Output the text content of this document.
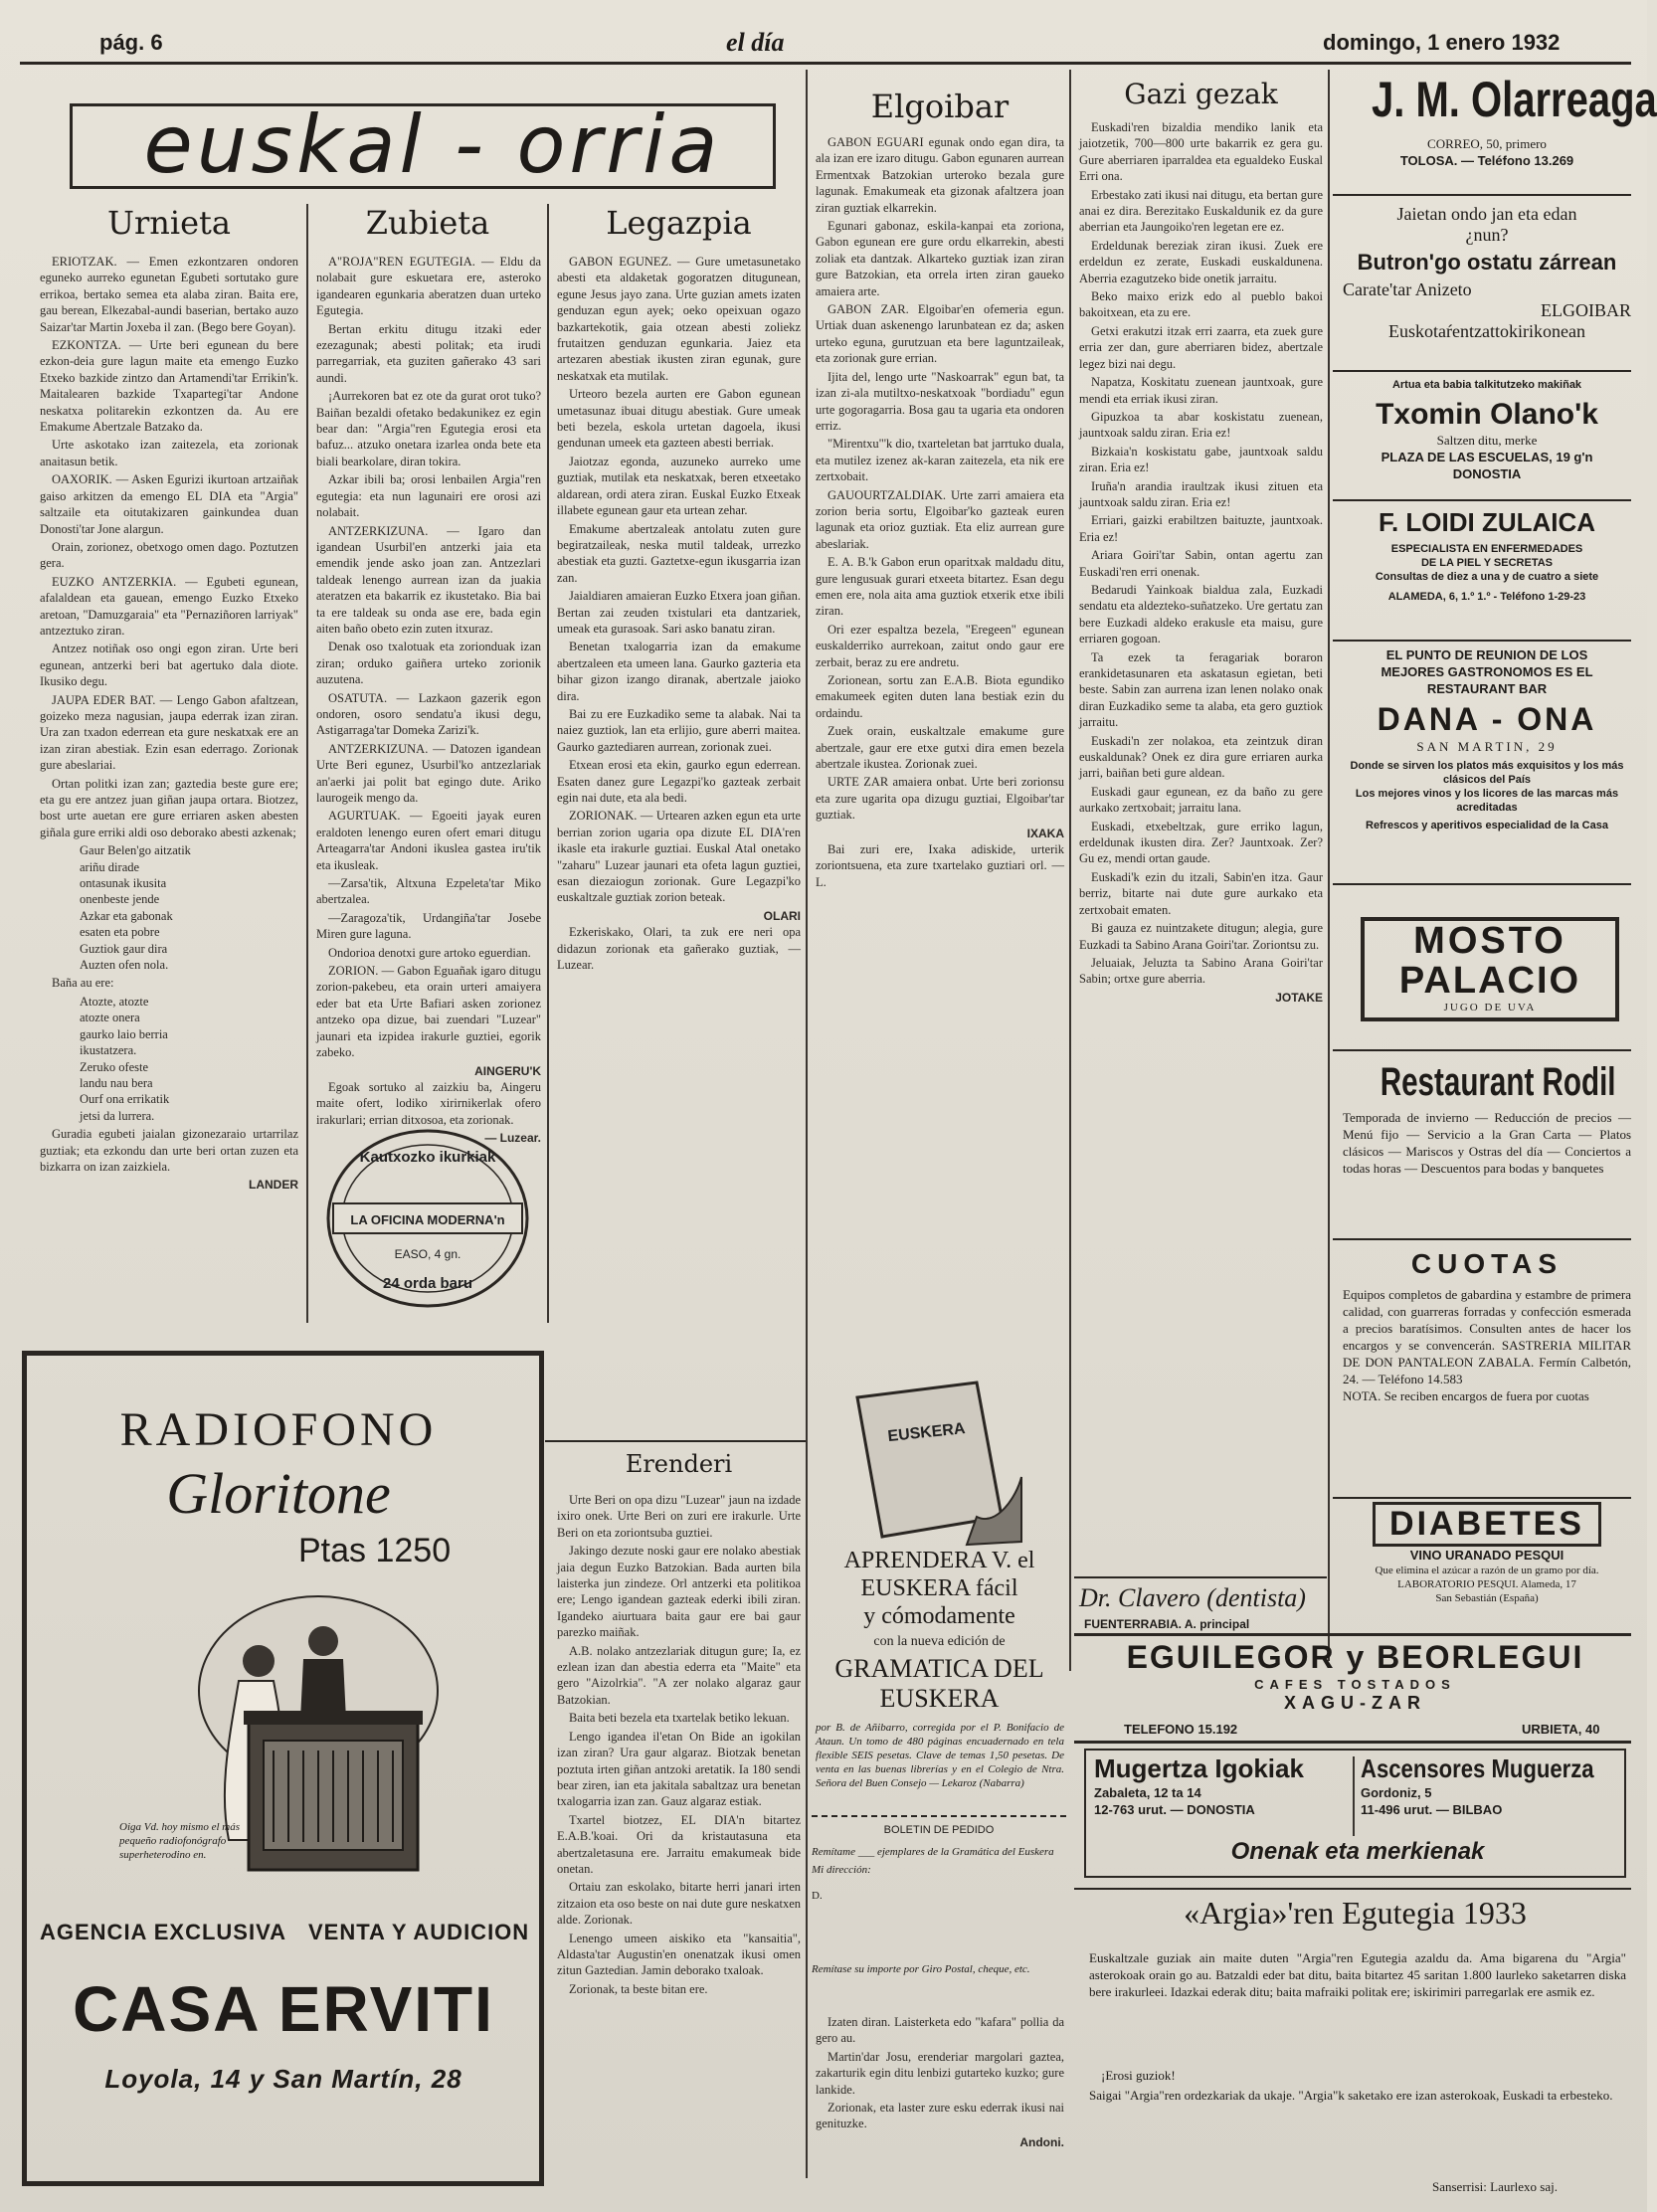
pág. 6	el día	domingo, 1 enero 1932
euskal - orria
Urnieta

ERIOTZAK. — Emen ezkontzaren ondoren eguneko aurreko egunetan Egubeti sortutako gure errikoa, bertako semea eta alaba ziran. Baita ere, gau berean, Elkezabal-aundi baserian, bertako auzo Saizar'tar Martin Joxeba il zan. (Bego bere Goyan).

EZKONTZA. — Urte beri egunean du bere ezkon-deia gure lagun maite eta emengo Euzko Etxeko bazkide zintzo dan Artamendi'tar Errikin'k. Maitalearen bazkide Txapartegi'tar Andone neskatxa politarekin ezkontzen da. Au ere Emakume Abertzale Batzako da.

Urte askotako izan zaitezela, eta zorionak anaitasun betik.

OAXORIK. — Asken Egurizi ikurtoan artzaiñak gaiso arkitzen da emengo EL DIA eta "Argia" saltzaile eta oitutakizaren gainkundea duan Donosti'tar Jone alargun.

Orain, zorionez, obetxogo omen dago. Poztutzen gera.

EUZKO ANTZERKIA. — Egubeti egunean, afalaldean eta gauean, emengo Euzko Etxeko aretoan, "Damuzgaraia" eta "Pernaziñoren larriyak" antzeztuko ziran.

Antzez notiñak oso ongi egon ziran. Urte beri egunean, antzerki beri bat agertuko dala diote. Ikusiko degu.

JAUPA EDER BAT. — Lengo Gabon afaltzean, goizeko meza nagusian, jaupa ederrak izan ziran. Ura zan txadon ederrean eta gure neskatxak ere an izan ziran abestiak. Ezin esan ederrago. Zorionak gure abeslariai.

Ortan politki izan zan; gaztedia beste gure ere; eta gu ere antzez juan giñan jaupa ortara. Biotzez, bost urte auetan ere gure erriaren asken abesten giñala gure erriki aldi oso deborako abesti azkenak;

Gaur Belen'go aitzatik
ariñu dirade
ontasunak ikusita
onenbeste jende
Azkar eta gabonak
esaten eta pobre
Guztiok gaur dira
Auzten ofen nola.

Baña au ere:

Atozte, atozte
atozte onera
gaurko laio berria
ikustatzera.
Zeruko ofeste
landu nau bera
Ourf ona errikatik
jetsi da lurrera.

Guradia egubeti jaialan gizonezaraio urtarrilaz guztiak; eta ezkondu dan urte beri ortan zuzen eta bizkarra on izan zaizkiela.

LANDER
Zubieta

A"ROJA"REN EGUTEGIA. — Eldu da nolabait gure eskuetara ere, asteroko igandearen egunkaria aberatzen duan urteko Egutegia.

Bertan erkitu ditugu itzaki eder ezezagunak; abesti politak; eta irudi parregarriak, eta guziten gañerako 43 sari aundi.

¡Aurrekoren bat ez ote da gurat orot tuko? Baiñan bezaldi ofetako bedakunikez ez egin bear dan: "Argia"ren Egutegia erosi eta bafuz... atzuko onetara izarlea onda bete eta biali bearkolare, diran tokira.

Azkar ibili ba; orosi lenbailen Argia"ren egutegia: eta nun lagunairi ere orosi azi nolabait.

ANTZERKIZUNA. — Igaro dan igandean Usurbil'en antzerki jaia eta emendik jende asko joan zan. Antzezlari taldeak lenengo aurrean izan da juakia ateratzen eta bakarrik ez ikustetako. Bia bai ta ere taldeak su onda ase ere, bada egin aiten baño obeto ezin zuten itxuraz.

Denak oso txalotuak eta zorionduak izan ziran; orduko gaiñera urteko zorionik auzutena.

OSATUTA. — Lazkaon gazerik egon ondoren, osoro sendatu'a ikusi degu, Astigarraga'tar Domeka Zarizi'k.

ANTZERKIZUNA. — Datozen igandean Urte Beri egunez, Usurbil'ko antzezlariak an'aerki jai polit bat egingo dute. Ariko laurogeik mengo da.

AGURTUAK. — Egoeiti jayak euren eraldoten lenengo euren ofert emari ditugu Arteagarra'tar Andoni ikuslea gastea iru'tik eta ikusleak.

—Zarsa'tik, Altxuna Ezpeleta'tar Miko abertzalea.

—Zaragoza'tik, Urdangiña'tar Josebe Miren gure laguna.

Ondorioa denotxi gure artoko eguerdian.

ZORION. — Gabon Eguañak igaro ditugu zorion-pakebeu, eta orain urteri amaiyera eder bat eta Urte Bafiari asken zorionez antzeko opa dizue, bai zuendari "Luzear" jaunari eta izpidea irakurle guztiei, egorik zabeko.

AINGERU'K

Egoak sortuko al zaizkiu ba, Aingeru maite ofert, lodiko xirirnikerlak ofero irakurlari; errian ditxosoa, eta zorionak.

— Luzear.
Kautxozko ikurkiak
LA OFICINA MODERNA'n
EASO, 4 gn.
24 orda baru
Legazpia

GABON EGUNEZ. — Gure umetasunetako abesti eta aldaketak gogoratzen ditugunean, egune Jesus jayo zana. Urte guzian amets izaten genduzan egun ayek; oeko opeixuan ogazo bazkartekotik, gaia otzean abesti zoliekz frutaitzen genduzan egunkaria. Jaiez eta artezaren abestiak ikusten ziran egunak, gure neskatxak eta mutilak.

Urteoro bezela aurten ere Gabon egunean umetasunaz ibuai ditugu abestiak. Gure umeak beti bezela, eskola urtetan dagoela, ikusi gendunan umeek eta gazteen abesti berriak.

Jaiotzaz egonda, auzuneko aurreko ume guztiak, mutilak eta neskatxak, beren etxeetako aldarean, ordi atera ziran. Euskal Euzko Etxeak illabete egunean gaur eta urtean zehar.

Emakume abertzaleak antolatu zuten gure begiratzaileak, neska mutil taldeak, urrezko abestiak eta guzti. Gaztetxe-egun ikusgarria izan zan.

Jaialdiaren amaieran Euzko Etxera joan giñan. Bertan zai zeuden txistulari eta dantzariek, umeak eta gurasoak. Sari asko banatu ziran.

Benetan txalogarria izan da emakume abertzaleen eta umeen lana. Gaurko gazteria eta bihar gizon izango diranak, abertzale jaioko dira.

Bai zu ere Euzkadiko seme ta alabak. Nai ta naiez guztiok, lan eta erlijio, gure aberri maitea. Gaurko gaztediaren aurrean, zorionak zuei.

Etxean erosi eta ekin, gaurko egun ederrean. Esaten danez gure Legazpi'ko gazteak zerbait egin nai dute, eta ala bedi.

ZORIONAK. — Urtearen azken egun eta urte berrian zorion ugaria opa dizute EL DIA'ren ikasle eta irakurle guztiai. Euskal Atal onetako "zaharu" Luzear jaunari eta ofeta lagun guztiei, esan diezaiogun zorionak. Gure Legazpi'ko euskaltzale guztiak zorion beteak.

OLARI

Ezkeriskako, Olari, ta zuk ere neri opa didazun zorionak eta gañerako guztiak, — Luzear.

Erenderi

Urte Beri on opa dizu "Luzear" jaun na izdade ixiro onek. Urte Beri on zuri ere irakurle. Urte Beri on eta zoriontsuba guztiei.

Jakingo dezute noski gaur ere nolako abestiak jaia degun Euzko Batzokian. Bada aurten bila laisterka jun zindeze. Orl antzerki eta politikoa ere; Lengo igandean gazteak ederki ibili ziran. Igandeko aiurtuara baita gaur ere bai gaur parezko maiñak.

A.B. nolako antzezlariak ditugun gure; Ia, ez ezlean izan dan abestia ederra eta "Maite" eta gero "Aizolrkia". "A zer nolako algaraz gaur Batzokian.

Baita beti bezela eta txartelak betiko lekuan.

Lengo igandea il'etan On Bide an igokilan izan ziran? Ura gaur algaraz. Biotzak benetan poztuta irten giñan antzoki aretatik. Ia 180 sendi bear ziren, ian eta jakitala sabaltzaz ura benetan txalogarria izan zan. Gauz algaraz estiak.

Txartel biotzez, EL DIA'n bitartez E.A.B.'koai. Ori da kristautasuna eta abertzaletasuna ere. Jarraitu emakumeak bide onetan.

Ortaiu zan eskolako, bitarte herri janari irten zitzaion eta oso beste on nai dute gure neskatxen alde. Zorionak.

Lenengo umeen aiskiko eta "kansaitia", Aldasta'tar Augustin'en onenatzak ikusi omen zitun Gaztedian. Jamin deborako txaloak.

Zorionak, ta beste bitan ere.

Izaten diran. Laisterketa edo "kafara" pollia da gero au.

Martin'dar Josu, erenderiar margolari gaztea, zakarturik egin ditu lenbizi gutarteko kuzko; gure lankide.

Zorionak, eta laster zure esku ederrak ikusi nai genituzke.

Andoni.
Elgoibar

GABON EGUARI egunak ondo egan dira, ta ala izan ere izaro ditugu. Gabon egunaren aurrean Ermentxak Batzokian urteroko bezala gure lagunak. Emakumeak eta gizonak afaltzera joan ziran guztiak elkarrekin.

Egunari gabonaz, eskila-kanpai eta zoriona, Gabon egunean ere gure ordu elkarrekin, abesti zoliak eta dantzak. Alkarteko guztiak izan ziran gure Batzokian, eta orrela irten ziran gaueko amaiera arte.

GABON ZAR. Elgoibar'en ofemeria egun. Urtiak duan askenengo larunbatean ez da; asken urteko eguna, gurutzuan eta bere laguntzaileak, eta zorionak gure errian.

Ijita del, lengo urte "Naskoarrak" egun bat, ta izan zi-ala mutiltxo-neskatxoak "bordiadu" egun urte gogoragarria. Bosa gau ta ugaria eta ondoren erriz.

"Mirentxu"'k dio, txarteletan bat jarrtuko duala, eta mutilez izenez ak-karan zaitezela, eta nik ere zertxobait.

GAUOURTZALDIAK. Urte zarri amaiera eta zorion beria sortu, Elgoibar'ko gazteak euren lagunak eta orioz guztiak. Eta eliz aurrean gure abeslariak.

E. A. B.'k Gabon erun oparitxak maldadu ditu, gure lengusuak gurari etxeeta bitartez. Esan degu emen ere, nola aita ama guztiok etxerik etxe ibili ziran.

Ori ezer espaltza bezela, "Eregeen" egunean euskalderriko aurrekoan, zaitut ondo gaur ere zerbait, beraz zu ere andretu.

Zorionean, sortu zan E.A.B. Biota egundiko emakumeek egiten duten lana bestiak ezin du ordaindu.

Zuek orain, euskaltzale emakume gure abertzale, gaur ere etxe gutxi dira emen bezela abertzale ikustea. Zorionak zuei.

URTE ZAR amaiera onbat. Urte beri zorionsu eta zure ugarita opa dizugu guztiai, Elgoibar'tar guztiak.

IXAKA

Bai zuri ere, Ixaka adiskide, urterik zoriontsuena, eta zure txartelako guztiari orl. — L.

EUSKERA
APRENDERA V. el
EUSKERA fácil
y cómodamente
con la nueva edición de
GRAMATICA DEL
EUSKERA
por B. de Añibarro, corregida por el P. Bonifacio de Ataun. Un tomo de 480 páginas encuadernado en tela flexible SEIS pesetas. Clave de temas 1,50 pesetas. De venta en las buenas librerías y en el Colegio de Ntra. Señora del Buen Consejo — Lekaroz (Nabarra)
BOLETIN DE PEDIDO
Remítame ___ ejemplares de la Gramática del Euskera
Mi dirección:
D.
Remítase su importe por Giro Postal, cheque, etc.
Gazi gezak

Euskadi'ren bizaldia mendiko lanik eta jaiotzetik, 700—800 urte bakarrik ez gera gu. Gure aberriaren iparraldea eta egualdeko Euskal Erri ona.

Erbestako zati ikusi nai ditugu, eta bertan gure anai ez dira. Berezitako Euskaldunik ez da gure aberrian eta Jaungoiko'ren legetan ere ez.

Erdeldunak bereziak ziran ikusi. Zuek ere erdeldun ez zerate, Euskadi euskaldunena. Aberria ezagutzeko bide onetik jarraitu.

Beko maixo erizk edo al pueblo bakoi bakoitxean, eta zu ere.

Getxi erakutzi itzak erri zaarra, eta zuek gure erria zer dan, gure aberriaren bidez, abertzale legez bizi nai degu.

Napatza, Koskitatu zuenean jauntxoak, gure mendi eta erriak ikusi ziran.

Gipuzkoa ta abar koskistatu zuenean, jauntxoak saldu ziran. Eria ez!

Bizkaia'n koskistatu gabe, jauntxoak saldu ziran. Eria ez!

Iruña'n arandia iraultzak ikusi zituen eta jauntxoak saldu ziran. Eria ez!

Erriari, gaizki erabiltzen baituzte, jauntxoak. Eria ez!

Ariara Goiri'tar Sabin, ontan agertu zan Euskadi'ren erri onenak.

Bedarudi Yainkoak bialdua zala, Euzkadi sendatu eta aldezteko-suñatzeko. Ure gertatu zan bere Euzkadi aldeko erakusle eta maisu, gure erriaren gogoan.

Ta ezek ta feragariak boraron erankidetasunaren eta askatasun egietan, beti beste. Sabin zan aurrena izan lenen nolako onak diran Euzkadiko seme ta alaba, eta gero guztiok jarraitu.

Euskadi'n zer nolakoa, eta zeintzuk diran euskaldunak? Onek ez dira gure erriaren aurka jarri, baiñan beti gure aldean.

Euskadi gaur egunean, ez da baño zu gere aurkako zertxobait; jarraitu lana.

Euskadi, etxebeltzak, gure erriko lagun, erdeldunak ikusten dira. Zer? Jauntxoak. Zer? Gu ez, mendi ortan gaude.

Euskadi'k ezin du itzali, Sabin'en itza. Gaur berriz, bitarte nai dute gure aurkako eta zertxobait ematen.

Bi gauza ez nuintzakete ditugun; alegia, gure Euzkadi ta Sabino Arana Goiri'tar. Zoriontsu zu.

Jeluaiak, Jeluzta ta Sabino Arana Goiri'tar Sabin; ortxe gure aberria.

JOTAKE
Dr. Clavero (dentista)
FUENTERRABIA. A. principal
J. M. Olarreaga
CORREO, 50, primero
TOLOSA. — Teléfono 13.269
Jaietan ondo jan eta edan
¿nun?
Butron'go ostatu zárrean
Carate'tar Anizeto
ELGOIBAR
Euskotaŕentzattokirikonean
Artua eta babia talkitutzeko makiñak
Txomin Olano'k
Saltzen ditu, merke
PLAZA DE LAS ESCUELAS, 19 g'n
DONOSTIA
F. LOIDI ZULAICA
ESPECIALISTA EN ENFERMEDADES
DE LA PIEL Y SECRETAS
Consultas de diez a una y de cuatro a siete
ALAMEDA, 6, 1.º 1.º - Teléfono 1-29-23
EL PUNTO DE REUNION DE LOS
MEJORES GASTRONOMOS ES EL
RESTAURANT BAR
DANA - ONA
SAN MARTIN, 29
Donde se sirven los platos más exquisitos y los más clásicos del País
Los mejores vinos y los licores de las marcas más acreditadas
Refrescos y aperitivos especialidad de la Casa
MOSTO
PALACIO
JUGO DE UVA
Restaurant Rodil
Temporada de invierno — Reducción de precios — Menú fijo — Servicio a la Gran Carta — Platos clásicos — Mariscos y Ostras del día — Conciertos a todas horas — Descuentos para bodas y banquetes
CUOTAS
Equipos completos de gabardina y estambre de primera calidad, con guarreras forradas y confección esmerada a precios baratísimos. Consulten antes de hacer los encargos y se convencerán. SASTRERIA MILITAR DE DON PANTALEON ZABALA. Fermín Calbetón, 24. — Teléfono 14.583
NOTA. Se reciben encargos de fuera por cuotas
DIABETES
VINO URANADO PESQUI
Que elimina el azúcar a razón de un gramo por día. LABORATORIO PESQUI. Alameda, 17
San Sebastián (España)
EGUILEGOR y BEORLEGUI
CAFES TOSTADOS
XAGU-ZAR
TELEFONO 15.192	URBIETA, 40
Mugertza Igokiak
Zabaleta, 12 ta 14
12-763 urut. — DONOSTIA
Ascensores Muguerza
Gordoniz, 5
11-496 urut. — BILBAO
Onenak eta merkienak
«Argia»'ren Egutegia 1933
Euskaltzale guziak ain maite duten "Argia"ren Egutegia azaldu da. Ama bigarena du "Argia" asterokoak orain go au. Batzaldi eder bat ditu, baita bitartez 45 saritan 1.800 laurleko saketarren diska bere irakurleei. Idazkai ederak ditu; baita mafraiki politak ere; iskirimiri parregarlak ere asmik ez.
¡Erosi guziok!
Saigai "Argia"ren ordezkariak da ukaje. "Argia"k saketako ere izan asterokoak, Euskadi ta erbesteko.
Sanserrisi: Laurlexo saj.
RADIOFONO
Gloritone
Ptas 1250
Oiga Vd. hoy mismo el más pequeño radiofonógrafo superheterodino en.
AGENCIA EXCLUSIVA VENTA Y AUDICION
CASA ERVITI
Loyola, 14 y San Martín, 28
